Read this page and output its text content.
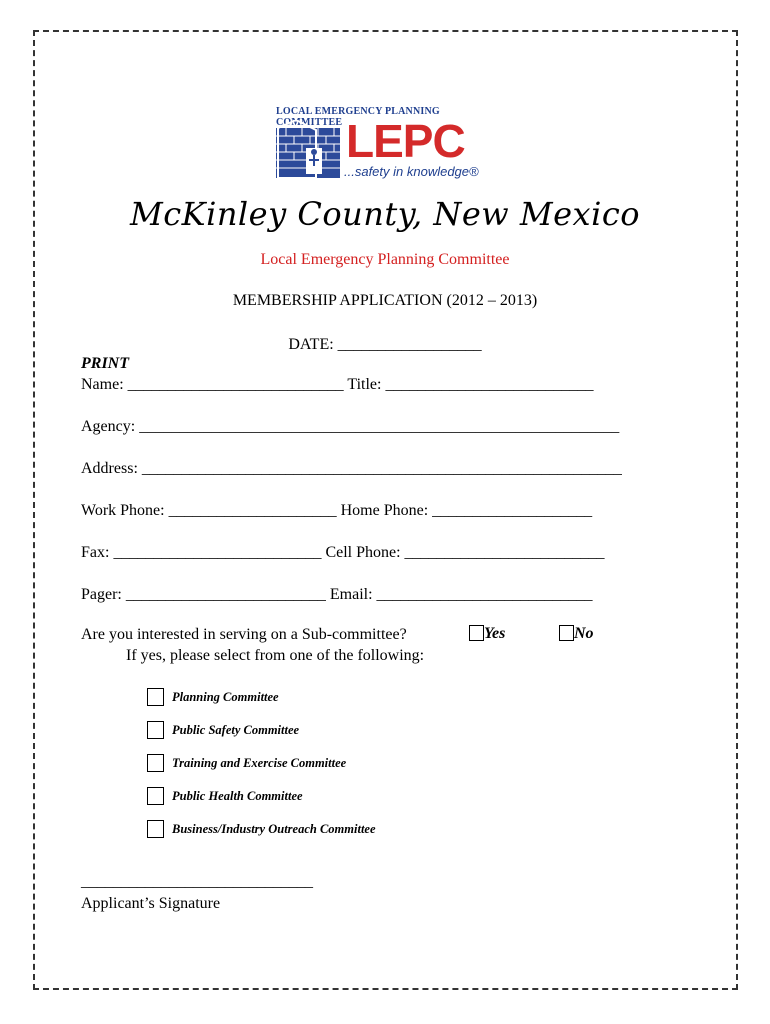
LOCAL EMERGENCY PLANNING COMMITTEE LEPC
...safety in knowledge®
McKinley County, New Mexico
Local Emergency Planning Committee
MEMBERSHIP APPLICATION (2012 – 2013)
DATE: __________________
PRINT
Name: ___________________________ Title: __________________________
Agency: ____________________________________________________________
Address: ____________________________________________________________
Work Phone: _____________________ Home Phone: ____________________
Fax: __________________________ Cell Phone: _________________________
Pager: _________________________ Email: ___________________________
Are you interested in serving on a Sub-committee?	Yes	No
If yes, please select from one of the following:
Planning Committee
Public Safety Committee
Training and Exercise Committee
Public Health Committee
Business/Industry Outreach Committee
_____________________________
Applicant’s Signature
